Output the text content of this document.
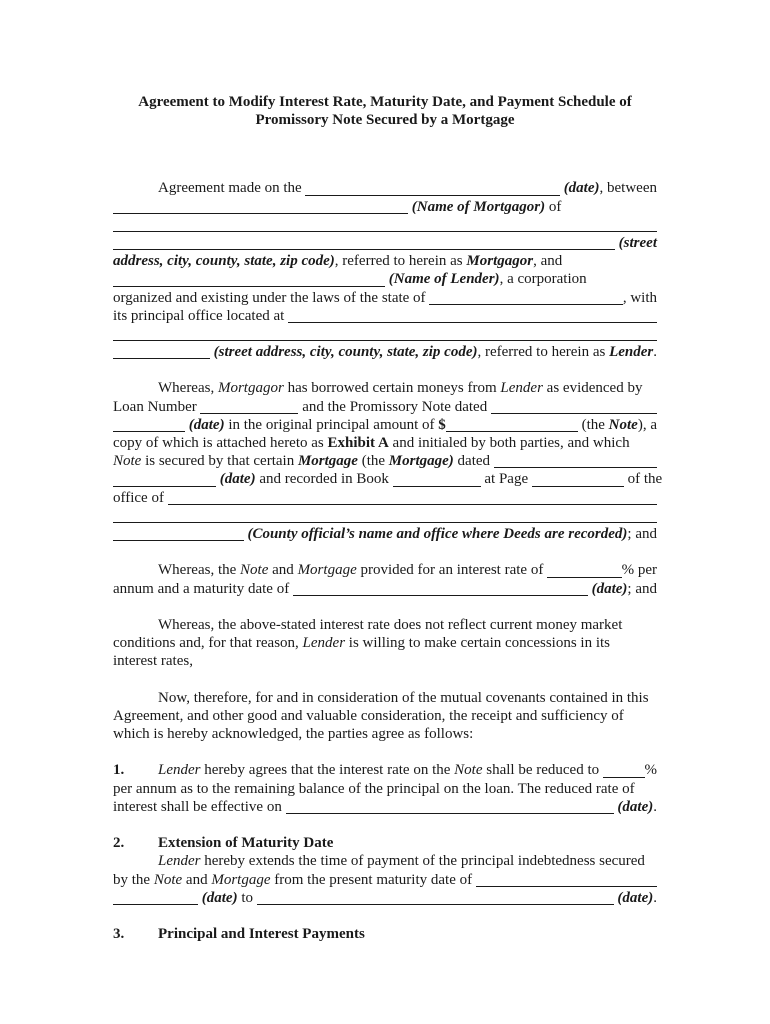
Agreement to Modify Interest Rate, Maturity Date, and Payment Schedule of
Promissory Note Secured by a Mortgage
Agreement made on the
	(date) , between

(Name of Mortgagor) of

(street
address, city, county, state, zip code) , referred to herein as Mortgagor , and

(Name of Lender) , a corporation
organized and existing under the laws of the state of	, with
its principal office located at

(street address, city, county, state, zip code) , referred to herein as Lender .
Whereas, Mortgagor has borrowed certain moneys from Lender as evidenced by
Loan Number	and the Promissory Note dated

(date) in the original principal amount of $	(the Note ), a
copy of which is attached hereto as Exhibit A and initialed by both parties, and which
Note is secured by that certain Mortgage (the Mortgage) dated

(date) and recorded in Book	at Page	of the
office of

(County official’s name and office where Deeds are recorded) ; and
Whereas, the Note and Mortgage provided for an interest rate of	% per
annum and a maturity date of
	(date) ; and
Whereas, the above-stated interest rate does not reflect current money market
conditions and, for that reason, Lender is willing to make certain concessions in its
interest rates,
Now, therefore, for and in consideration of the mutual covenants contained in this
Agreement, and other good and valuable consideration, the receipt and sufficiency of
which is hereby acknowledged, the parties agree as follows:
1.	Lender hereby agrees that the interest rate on the Note shall be reduced to	%
per annum as to the remaining balance of the principal on the loan. The reduced rate of
interest shall be effective on
	(date) .
2.	Extension of Maturity Date
Lender hereby extends the time of payment of the principal indebtedness secured
by the Note and Mortgage from the present maturity date of

(date) to
	(date) .
3.	Principal and Interest Payments
